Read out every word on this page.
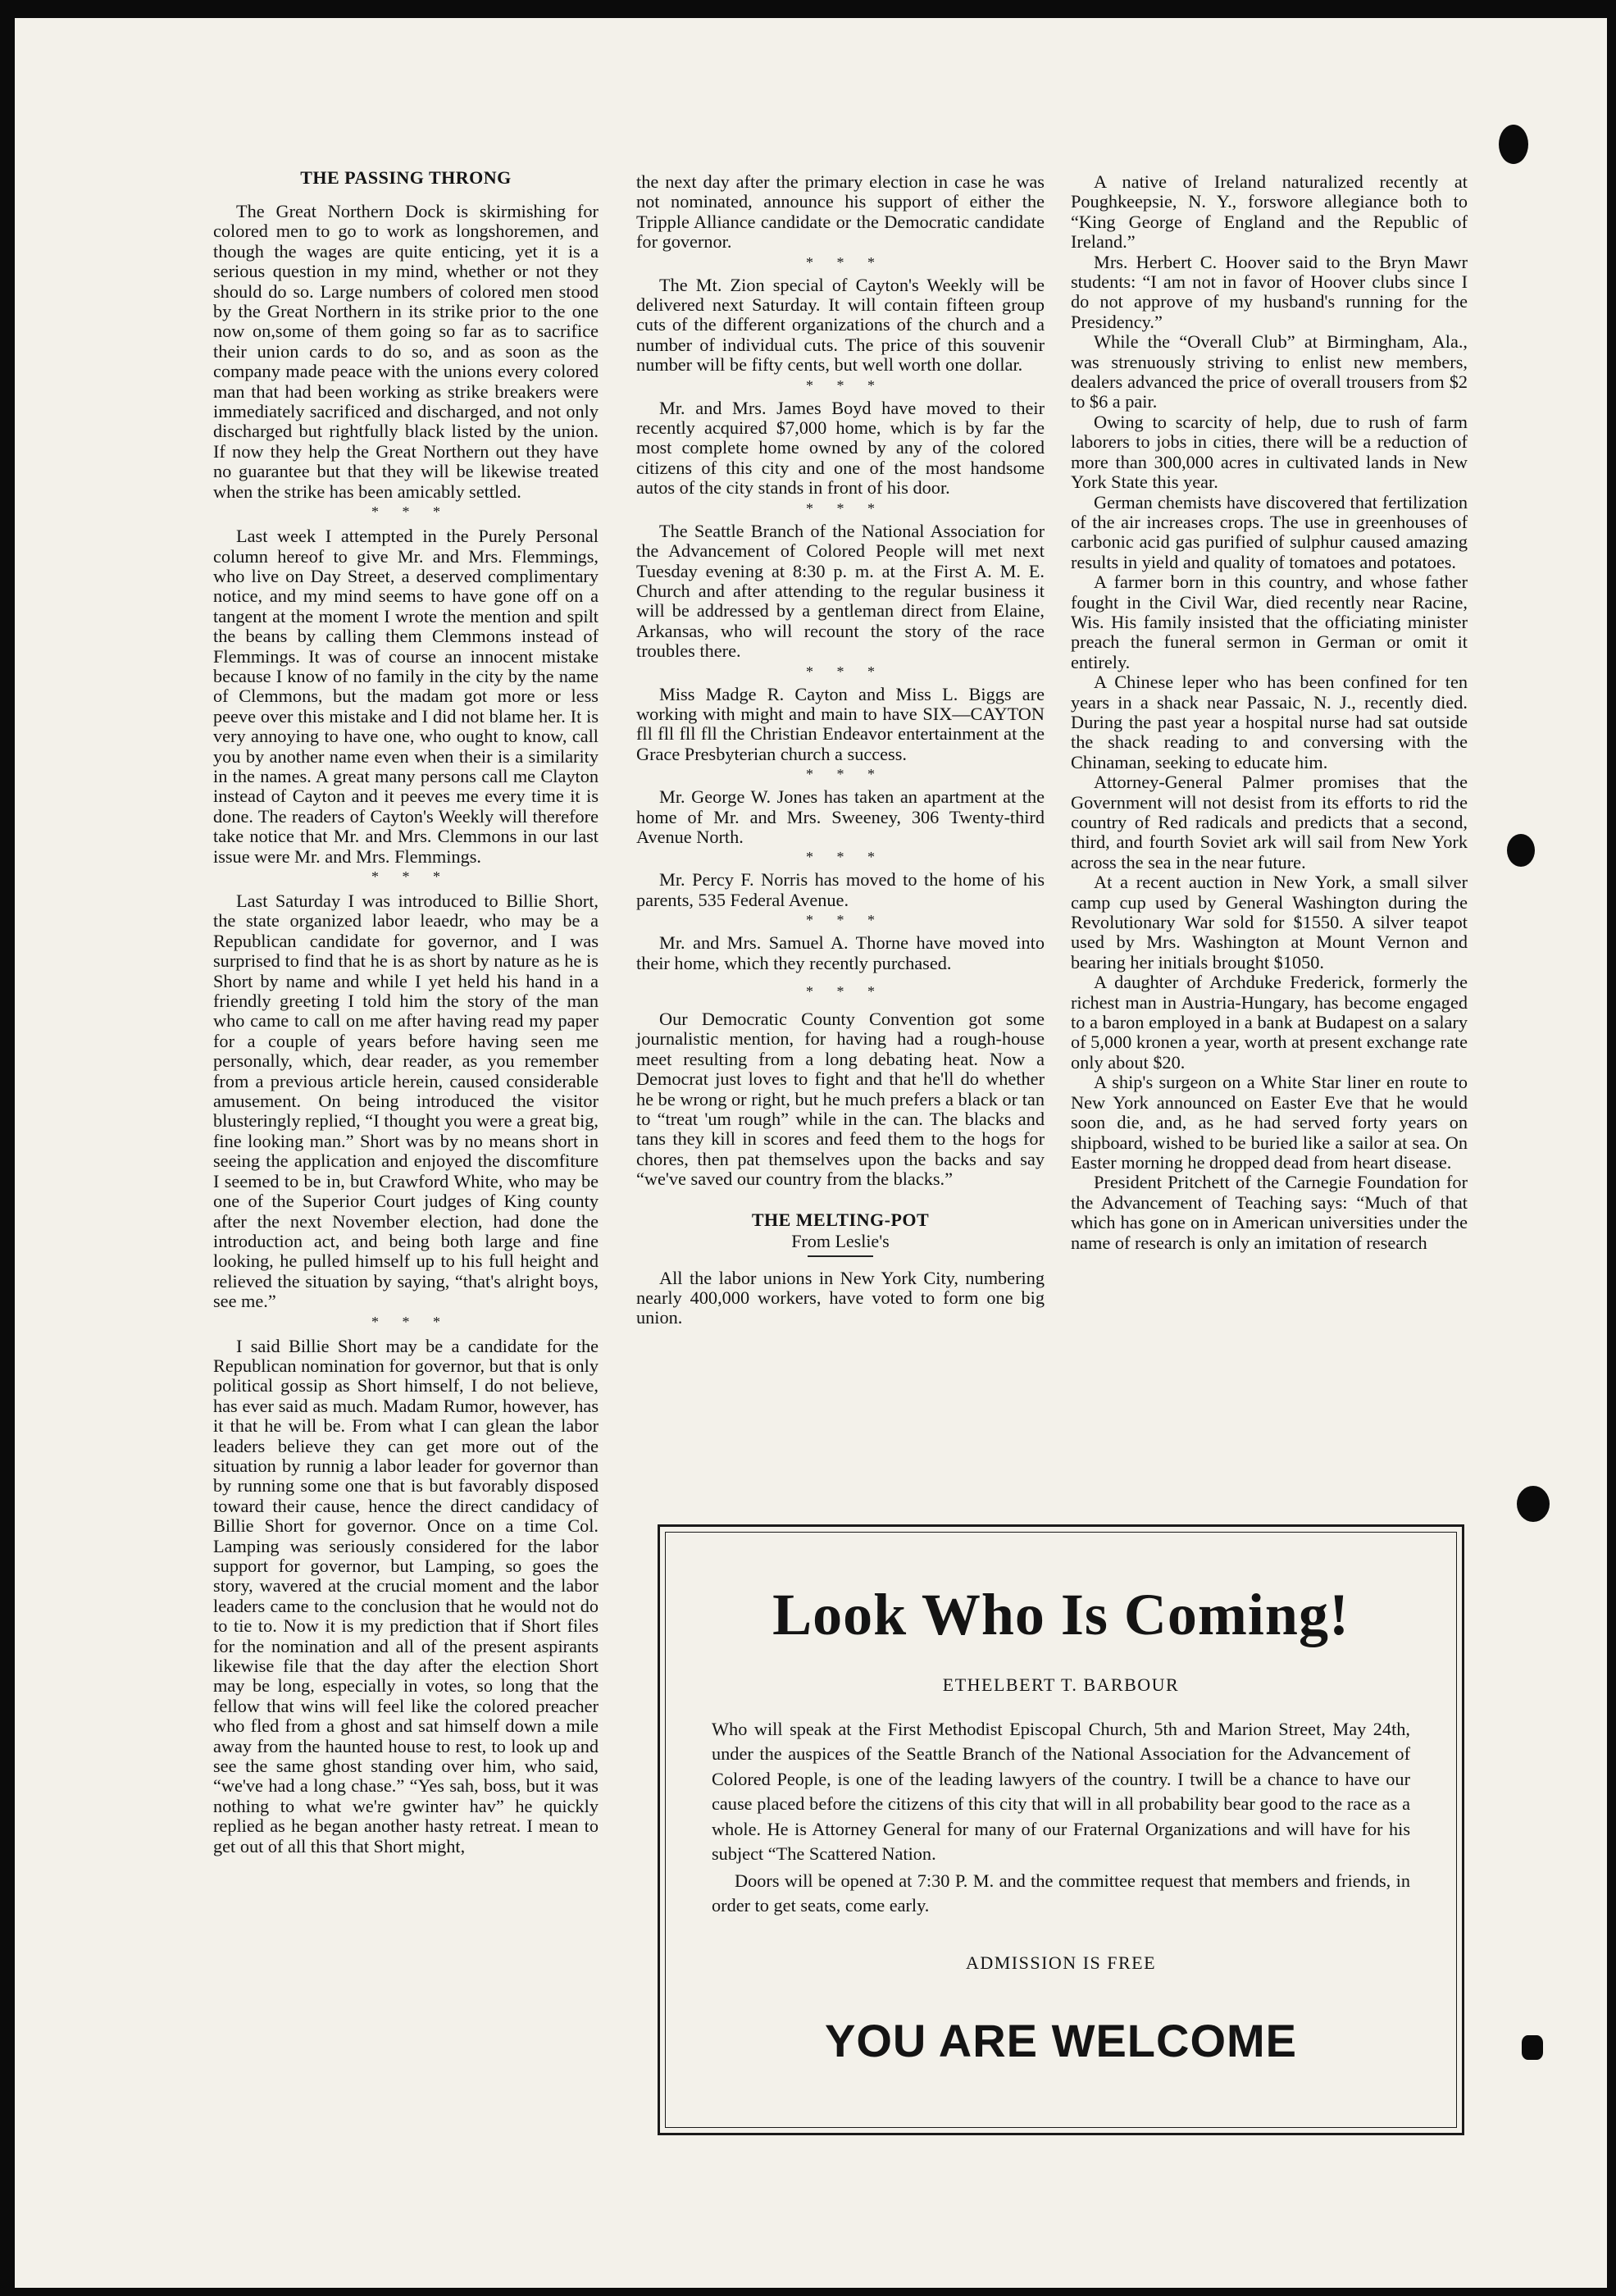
THE PASSING THRONG

The Great Northern Dock is skirmishing for colored men to go to work as longshoremen, and though the wages are quite enticing, yet it is a serious question in my mind, whether or not they should do so. Large numbers of colored men stood by the Great Northern in its strike prior to the one now on,some of them going so far as to sacrifice their union cards to do so, and as soon as the company made peace with the unions every colored man that had been working as strike breakers were immediately sacrificed and discharged, and not only discharged but rightfully black listed by the union. If now they help the Great Northern out they have no guarantee but that they will be likewise treated when the strike has been amicably settled.

* * *

Last week I attempted in the Purely Personal column hereof to give Mr. and Mrs. Flemmings, who live on Day Street, a deserved complimentary notice, and my mind seems to have gone off on a tangent at the moment I wrote the mention and spilt the beans by calling them Clemmons instead of Flemmings. It was of course an innocent mistake because I know of no family in the city by the name of Clemmons, but the madam got more or less peeve over this mistake and I did not blame her. It is very annoying to have one, who ought to know, call you by another name even when their is a similarity in the names. A great many persons call me Clayton instead of Cayton and it peeves me every time it is done. The readers of Cayton's Weekly will therefore take notice that Mr. and Mrs. Clemmons in our last issue were Mr. and Mrs. Flemmings.

* * *

Last Saturday I was introduced to Billie Short, the state organized labor leaedr, who may be a Republican candidate for governor, and I was surprised to find that he is as short by nature as he is Short by name and while I yet held his hand in a friendly greeting I told him the story of the man who came to call on me after having read my paper for a couple of years before having seen me personally, which, dear reader, as you remember from a previous article herein, caused considerable amusement. On being introduced the visitor blusteringly replied, “I thought you were a great big, fine looking man.” Short was by no means short in seeing the application and enjoyed the discomfiture I seemed to be in, but Crawford White, who may be one of the Superior Court judges of King county after the next November election, had done the introduction act, and being both large and fine looking, he pulled himself up to his full height and relieved the situation by saying, “that's alright boys, see me.”

* * *

I said Billie Short may be a candidate for the Republican nomination for governor, but that is only political gossip as Short himself, I do not believe, has ever said as much. Madam Rumor, however, has it that he will be. From what I can glean the labor leaders believe they can get more out of the situation by runnig a labor leader for governor than by running some one that is but favorably disposed toward their cause, hence the direct candidacy of Billie Short for governor. Once on a time Col. Lamping was seriously considered for the labor support for governor, but Lamping, so goes the story, wavered at the crucial moment and the labor leaders came to the conclusion that he would not do to tie to. Now it is my prediction that if Short files for the nomination and all of the present aspirants likewise file that the day after the election Short may be long, especially in votes, so long that the fellow that wins will feel like the colored preacher who fled from a ghost and sat himself down a mile away from the haunted house to rest, to look up and see the same ghost standing over him, who said, “we've had a long chase.” “Yes sah, boss, but it was nothing to what we're gwinter hav” he quickly replied as he began another hasty retreat. I mean to get out of all this that Short might,

the next day after the primary election in case he was not nominated, announce his support of either the Tripple Alliance candidate or the Democratic candidate for governor.

* * *

The Mt. Zion special of Cayton's Weekly will be delivered next Saturday. It will contain fifteen group cuts of the different organizations of the church and a number of individual cuts. The price of this souvenir number will be fifty cents, but well worth one dollar.

* * *

Mr. and Mrs. James Boyd have moved to their recently acquired $7,000 home, which is by far the most complete home owned by any of the colored citizens of this city and one of the most handsome autos of the city stands in front of his door.

* * *

The Seattle Branch of the National Association for the Advancement of Colored People will met next Tuesday evening at 8:30 p. m. at the First A. M. E. Church and after attending to the regular business it will be addressed by a gentleman direct from Elaine, Arkansas, who will recount the story of the race troubles there.

* * *

Miss Madge R. Cayton and Miss L. Biggs are working with might and main to have SIX—CAYTON fll fll fll fll the Christian Endeavor entertainment at the Grace Presbyterian church a success.

* * *

Mr. George W. Jones has taken an apartment at the home of Mr. and Mrs. Sweeney, 306 Twenty-third Avenue North.

* * *

Mr. Percy F. Norris has moved to the home of his parents, 535 Federal Avenue.

* * *

Mr. and Mrs. Samuel A. Thorne have moved into their home, which they recently purchased.

* * *

Our Democratic County Convention got some journalistic mention, for having had a rough-house meet resulting from a long debating heat. Now a Democrat just loves to fight and that he'll do whether he be wrong or right, but he much prefers a black or tan to “treat 'um rough” while in the can. The blacks and tans they kill in scores and feed them to the hogs for chores, then pat themselves upon the backs and say “we've saved our country from the blacks.”

THE MELTING-POT
From Leslie's

All the labor unions in New York City, numbering nearly 400,000 workers, have voted to form one big union.

A native of Ireland naturalized recently at Poughkeepsie, N. Y., forswore allegiance both to “King George of England and the Republic of Ireland.”

Mrs. Herbert C. Hoover said to the Bryn Mawr students: “I am not in favor of Hoover clubs since I do not approve of my husband's running for the Presidency.”

While the “Overall Club” at Birmingham, Ala., was strenuously striving to enlist new members, dealers advanced the price of overall trousers from $2 to $6 a pair.

Owing to scarcity of help, due to rush of farm laborers to jobs in cities, there will be a reduction of more than 300,000 acres in cultivated lands in New York State this year.

German chemists have discovered that fertilization of the air increases crops. The use in greenhouses of carbonic acid gas purified of sulphur caused amazing results in yield and quality of tomatoes and potatoes.

A farmer born in this country, and whose father fought in the Civil War, died recently near Racine, Wis. His family insisted that the officiating minister preach the funeral sermon in German or omit it entirely.

A Chinese leper who has been confined for ten years in a shack near Passaic, N. J., recently died. During the past year a hospital nurse had sat outside the shack reading to and conversing with the Chinaman, seeking to educate him.

Attorney-General Palmer promises that the Government will not desist from its efforts to rid the country of Red radicals and predicts that a second, third, and fourth Soviet ark will sail from New York across the sea in the near future.

At a recent auction in New York, a small silver camp cup used by General Washington during the Revolutionary War sold for $1550. A silver teapot used by Mrs. Washington at Mount Vernon and bearing her initials brought $1050.

A daughter of Archduke Frederick, formerly the richest man in Austria-Hungary, has become engaged to a baron employed in a bank at Budapest on a salary of 5,000 kronen a year, worth at present exchange rate only about $20.

A ship's surgeon on a White Star liner en route to New York announced on Easter Eve that he would soon die, and, as he had served forty years on shipboard, wished to be buried like a sailor at sea. On Easter morning he dropped dead from heart disease.

President Pritchett of the Carnegie Foundation for the Advancement of Teaching says: “Much of that which has gone on in American universities under the name of research is only an imitation of research

Look Who Is Coming!
ETHELBERT T. BARBOUR

Who will speak at the First Methodist Episcopal Church, 5th and Marion Street, May 24th, under the auspices of the Seattle Branch of the National Association for the Advancement of Colored People, is one of the leading lawyers of the country. I twill be a chance to have our cause placed before the citizens of this city that will in all probability bear good to the race as a whole. He is Attorney General for many of our Fraternal Organizations and will have for his subject “The Scattered Nation.

Doors will be opened at 7:30 P. M. and the committee request that members and friends, in order to get seats, come early.

ADMISSION IS FREE
YOU ARE WELCOME
